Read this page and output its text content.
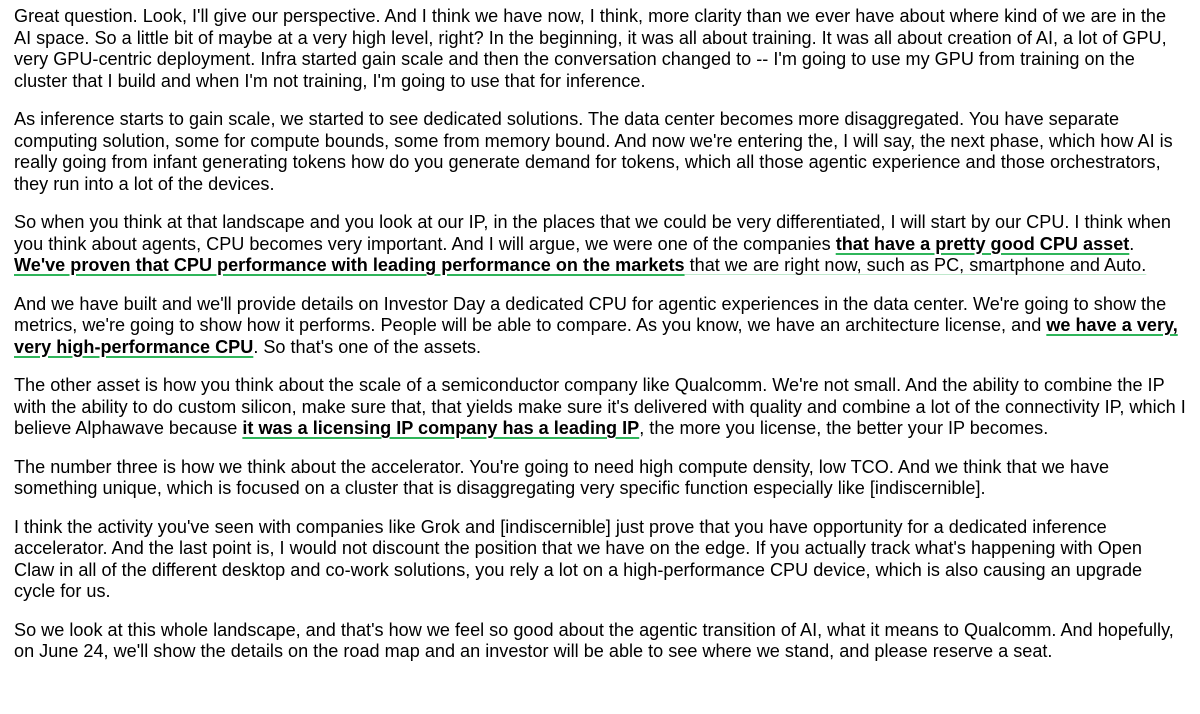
Great question. Look, I'll give our perspective. And I think we have now, I think, more clarity than we ever have about where kind of we are in the AI space. So a little bit of maybe at a very high level, right? In the beginning, it was all about training. It was all about creation of AI, a lot of GPU, very GPU-centric deployment. Infra started gain scale and then the conversation changed to -- I'm going to use my GPU from training on the cluster that I build and when I'm not training, I'm going to use that for inference.

As inference starts to gain scale, we started to see dedicated solutions. The data center becomes more disaggregated. You have separate computing solution, some for compute bounds, some from memory bound. And now we're entering the, I will say, the next phase, which how AI is really going from infant generating tokens how do you generate demand for tokens, which all those agentic experience and those orchestrators, they run into a lot of the devices.

So when you think at that landscape and you look at our IP, in the places that we could be very differentiated, I will start by our CPU. I think when you think about agents, CPU becomes very important. And I will argue, we were one of the companies that have a pretty good CPU asset. We've proven that CPU performance with leading performance on the markets that we are right now, such as PC, smartphone and Auto.

And we have built and we'll provide details on Investor Day a dedicated CPU for agentic experiences in the data center. We're going to show the metrics, we're going to show how it performs. People will be able to compare. As you know, we have an architecture license, and we have a very, very high-performance CPU. So that's one of the assets.

The other asset is how you think about the scale of a semiconductor company like Qualcomm. We're not small. And the ability to combine the IP with the ability to do custom silicon, make sure that, that yields make sure it's delivered with quality and combine a lot of the connectivity IP, which I believe Alphawave because it was a licensing IP company has a leading IP, the more you license, the better your IP becomes.

The number three is how we think about the accelerator. You're going to need high compute density, low TCO. And we think that we have something unique, which is focused on a cluster that is disaggregating very specific function especially like [indiscernible].

I think the activity you've seen with companies like Grok and [indiscernible] just prove that you have opportunity for a dedicated inference accelerator. And the last point is, I would not discount the position that we have on the edge. If you actually track what's happening with Open Claw in all of the different desktop and co-work solutions, you rely a lot on a high-performance CPU device, which is also causing an upgrade cycle for us.

So we look at this whole landscape, and that's how we feel so good about the agentic transition of AI, what it means to Qualcomm. And hopefully, on June 24, we'll show the details on the road map and an investor will be able to see where we stand, and please reserve a seat.
